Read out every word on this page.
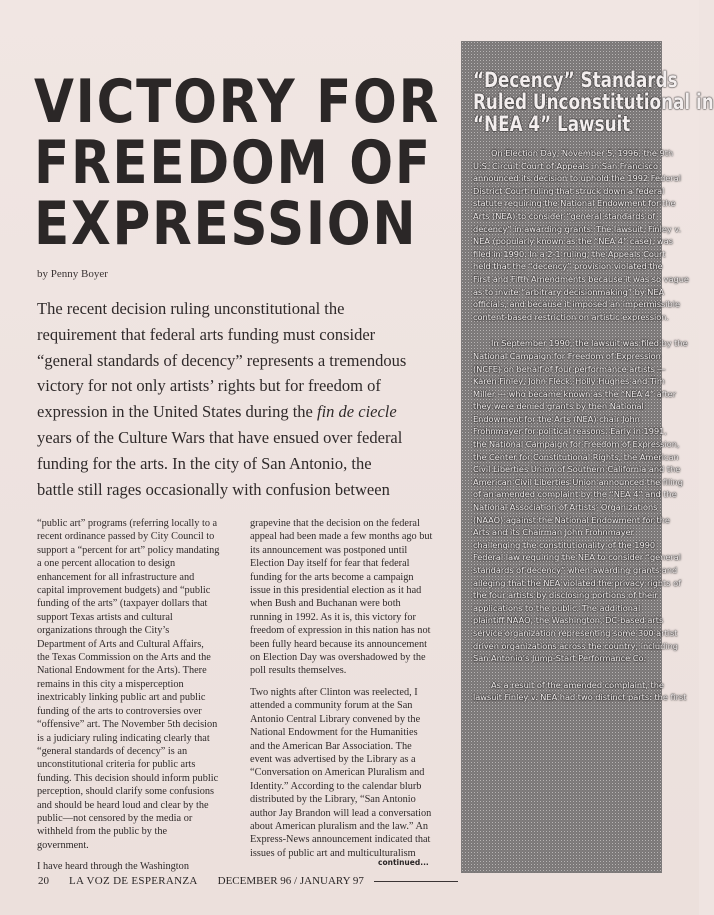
VICTORY FOR
FREEDOM OF
EXPRESSION
by Penny Boyer

The recent decision ruling unconstitutional the
requirement that federal arts funding must consider
“general standards of decency” represents a tremendous
victory for not only artists’ rights but for freedom of
expression in the United States during the fin de ciecle
years of the Culture Wars that have ensued over federal
funding for the arts. In the city of San Antonio, the
battle still rages occasionally with confusion between

“public art” programs (referring locally to a
recent ordinance passed by City Council to
support a “percent for art” policy mandating
a one percent allocation to design
enhancement for all infrastructure and
capital improvement budgets) and “public
funding of the arts” (taxpayer dollars that
support Texas artists and cultural
organizations through the City’s
Department of Arts and Cultural Affairs,
the Texas Commission on the Arts and the
National Endowment for the Arts). There
remains in this city a misperception
inextricably linking public art and public
funding of the arts to controversies over
“offensive” art. The November 5th decision
is a judiciary ruling indicating clearly that
“general standards of decency” is an
unconstitutional criteria for public arts
funding. This decision should inform public
perception, should clarify some confusions
and should be heard loud and clear by the
public—not censored by the media or
withheld from the public by the
government.

I have heard through the Washington

grapevine that the decision on the federal
appeal had been made a few months ago but
its announcement was postponed until
Election Day itself for fear that federal
funding for the arts become a campaign
issue in this presidential election as it had
when Bush and Buchanan were both
running in 1992. As it is, this victory for
freedom of expression in this nation has not
been fully heard because its announcement
on Election Day was overshadowed by the
poll results themselves.

Two nights after Clinton was reelected, I
attended a community forum at the San
Antonio Central Library convened by the
National Endowment for the Humanities
and the American Bar Association. The
event was advertised by the Library as a
“Conversation on American Pluralism and
Identity.” According to the calendar blurb
distributed by the Library, “San Antonio
author Jay Brandon will lead a conversation
about American pluralism and the law.” An
Express-News announcement indicated that
issues of public art and multiculturalism

continued...
20 LA VOZ DE ESPERANZA DECEMBER 96 / JANUARY 97
“Decency” Standards
Ruled Unconstitutional in
“NEA 4” Lawsuit

On Election Day, November 5, 1996, the 9th
U.S. Circuit Court of Appeals in San Francisco
announced its decision to uphold the 1992 Federal
District Court ruling that struck down a federal
statute requiring the National Endowment for the
Arts (NEA) to consider “general standards of
decency” in awarding grants. The lawsuit, Finley v.
NEA (popularly known as the “NEA 4” case), was
filed in 1990. In a 2-1 ruling, the Appeals Court
held that the “decency” provision violated the
First and Fifth Amendments because it was so vague
as to invite “arbitrary decisionmaking” by NEA
officials, and because it imposed an impermissible
content-based restriction on artistic expression.

In September 1990, the lawsuit was filed by the
National Campaign for Freedom of Expression
(NCFE) on behalf of four performance artists —
Karen Finley, John Fleck, Holly Hughes and Tim
Miller — who became known as the “NEA 4” after
they were denied grants by then National
Endowment for the Arts (NEA) chair John
Frohnmayer for political reasons. Early in 1991,
the National Campaign for Freedom of Expression,
the Center for Constitutional Rights, the American
Civil Liberties Union of Southern California and the
American Civil Liberties Union announced the filing
of an amended complaint by the “NEA 4” and the
National Association of Artists’ Organizations
(NAAO) against the National Endowment for the
Arts and its Chairman John Frohnmayer
challenging the constitutionality of the 1990
Federal law requiring the NEA to consider “general
standards of decency” when awarding grants and
alleging that the NEA violated the privacy rights of
the four artists by disclosing portions of their
applications to the public. The additional
plaintiff NAAO, the Washington, DC-based arts
service organization representing some 300 artist
driven organizations across the country, including
San Antonio’s Jump-Start Performance Co.

As a result of the amended complaint, the
lawsuit Finley v. NEA had two distinct parts: the first
